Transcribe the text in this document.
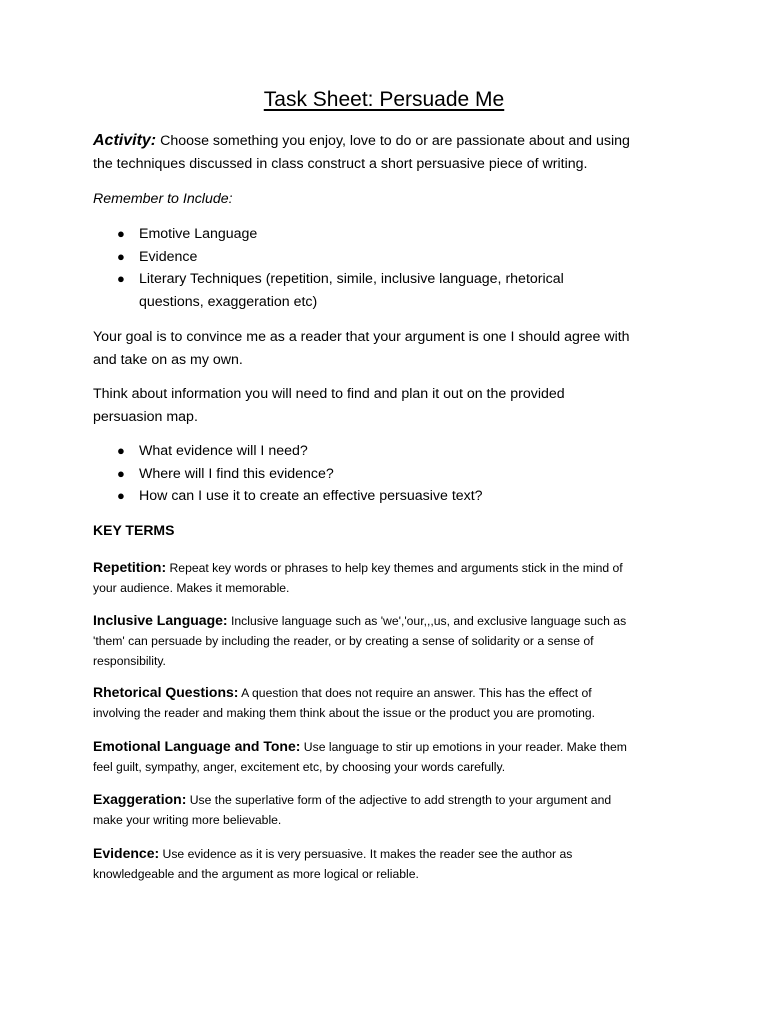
Task Sheet: Persuade Me
Activity: Choose something you enjoy, love to do or are passionate about and using
the techniques discussed in class construct a short persuasive piece of writing.
Remember to Include:
● Emotive Language
● Evidence
● Literary Techniques (repetition, simile, inclusive language, rhetorical
questions, exaggeration etc)
Your goal is to convince me as a reader that your argument is one I should agree with
and take on as my own.
Think about information you will need to find and plan it out on the provided
persuasion map.
● What evidence will I need?
● Where will I find this evidence?
● How can I use it to create an effective persuasive text?
KEY TERMS
Repetition: Repeat key words or phrases to help key themes and arguments stick in the mind of
your audience. Makes it memorable.
Inclusive Language: Inclusive language such as 'we','our,,,us, and exclusive language such as
'them' can persuade by including the reader, or by creating a sense of solidarity or a sense of
responsibility.
Rhetorical Questions: A question that does not require an answer. This has the effect of
involving the reader and making them think about the issue or the product you are promoting.
Emotional Language and Tone: Use language to stir up emotions in your reader. Make them
feel guilt, sympathy, anger, excitement etc, by choosing your words carefully.
Exaggeration: Use the superlative form of the adjective to add strength to your argument and
make your writing more believable.
Evidence: Use evidence as it is very persuasive. It makes the reader see the author as
knowledgeable and the argument as more logical or reliable.
